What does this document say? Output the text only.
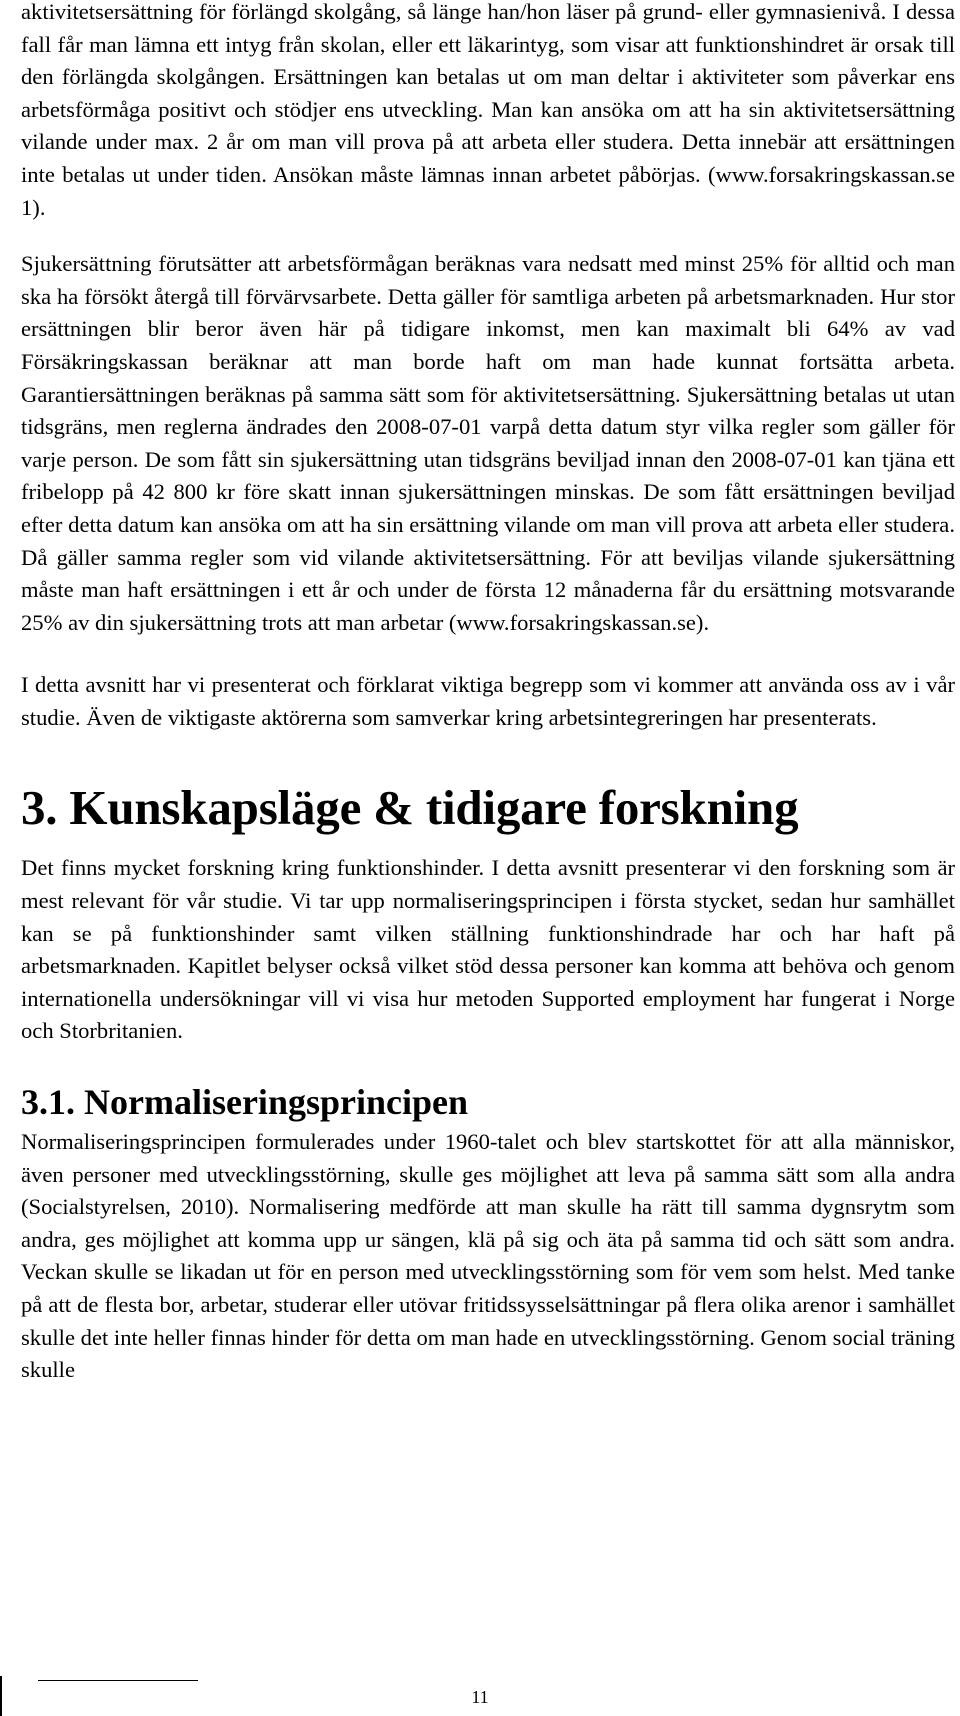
aktivitetsersättning för förlängd skolgång, så länge han/hon läser på grund- eller gymnasienivå. I dessa fall får man lämna ett intyg från skolan, eller ett läkarintyg, som visar att funktionshindret är orsak till den förlängda skolgången. Ersättningen kan betalas ut om man deltar i aktiviteter som påverkar ens arbetsförmåga positivt och stödjer ens utveckling. Man kan ansöka om att ha sin aktivitetsersättning vilande under max. 2 år om man vill prova på att arbeta eller studera. Detta innebär att ersättningen inte betalas ut under tiden. Ansökan måste lämnas innan arbetet påbörjas. (www.forsakringskassan.se 1).

Sjukersättning förutsätter att arbetsförmågan beräknas vara nedsatt med minst 25% för alltid och man ska ha försökt återgå till förvärvsarbete. Detta gäller för samtliga arbeten på arbetsmarknaden. Hur stor ersättningen blir beror även här på tidigare inkomst, men kan maximalt bli 64% av vad Försäkringskassan beräknar att man borde haft om man hade kunnat fortsätta arbeta. Garantiersättningen beräknas på samma sätt som för aktivitetsersättning. Sjukersättning betalas ut utan tidsgräns, men reglerna ändrades den 2008-07-01 varpå detta datum styr vilka regler som gäller för varje person. De som fått sin sjukersättning utan tidsgräns beviljad innan den 2008-07-01 kan tjäna ett fribelopp på 42 800 kr före skatt innan sjukersättningen minskas. De som fått ersättningen beviljad efter detta datum kan ansöka om att ha sin ersättning vilande om man vill prova att arbeta eller studera. Då gäller samma regler som vid vilande aktivitetsersättning. För att beviljas vilande sjukersättning måste man haft ersättningen i ett år och under de första 12 månaderna får du ersättning motsvarande 25% av din sjukersättning trots att man arbetar (www.forsakringskassan.se).

I detta avsnitt har vi presenterat och förklarat viktiga begrepp som vi kommer att använda oss av i vår studie. Även de viktigaste aktörerna som samverkar kring arbetsintegreringen har presenterats.

3. Kunskapsläge & tidigare forskning

Det finns mycket forskning kring funktionshinder. I detta avsnitt presenterar vi den forskning som är mest relevant för vår studie. Vi tar upp normaliseringsprincipen i första stycket, sedan hur samhället kan se på funktionshinder samt vilken ställning funktionshindrade har och har haft på arbetsmarknaden. Kapitlet belyser också vilket stöd dessa personer kan komma att behöva och genom internationella undersökningar vill vi visa hur metoden Supported employment har fungerat i Norge och Storbritanien.

3.1. Normaliseringsprincipen

Normaliseringsprincipen formulerades under 1960-talet och blev startskottet för att alla människor, även personer med utvecklingsstörning, skulle ges möjlighet att leva på samma sätt som alla andra (Socialstyrelsen, 2010). Normalisering medförde att man skulle ha rätt till samma dygnsrytm som andra, ges möjlighet att komma upp ur sängen, klä på sig och äta på samma tid och sätt som andra. Veckan skulle se likadan ut för en person med utvecklingsstörning som för vem som helst. Med tanke på att de flesta bor, arbetar, studerar eller utövar fritidssysselsättningar på flera olika arenor i samhället skulle det inte heller finnas hinder för detta om man hade en utvecklingsstörning. Genom social träning skulle

11
